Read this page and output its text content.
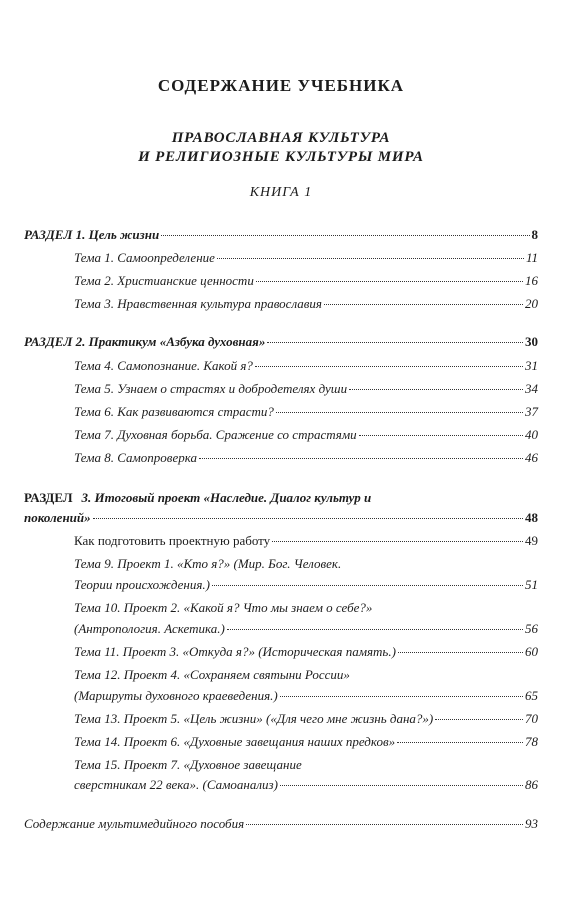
СОДЕРЖАНИЕ УЧЕБНИКА
ПРАВОСЛАВНАЯ КУЛЬТУРА
И РЕЛИГИОЗНЫЕ КУЛЬТУРЫ МИРА
КНИГА 1
РАЗДЕЛ 1. Цель жизни	8
Тема 1. Самоопределение	11
Тема 2. Христианские ценности	16
Тема 3. Нравственная культура православия	20
РАЗДЕЛ 2. Практикум «Азбука духовная»	30
Тема 4. Самопознание. Какой я?	31
Тема 5. Узнаем о страстях и добродетелях души	34
Тема 6. Как развиваются страсти?	37
Тема 7. Духовная борьба. Сражение со страстями	40
Тема 8. Самопроверка	46
РАЗДЕЛ 3. Итоговый проект «Наследие. Диалог культур и
поколений»	48
Как подготовить проектную работу	49
Тема 9. Проект 1. «Кто я?» (Мир. Бог. Человек.
Теории происхождения.)	51
Тема 10. Проект 2. «Какой я? Что мы знаем о себе?»
(Антропология. Аскетика.)	56
Тема 11. Проект 3. «Откуда я?» (Историческая память.)	60
Тема 12. Проект 4. «Сохраняем святыни России»
(Маршруты духовного краеведения.)	65
Тема 13. Проект 5. «Цель жизни» («Для чего мне жизнь дана?»)	70
Тема 14. Проект 6. «Духовные завещания наших предков»	78
Тема 15. Проект 7. «Духовное завещание
сверстникам 22 века». (Самоанализ)	86
Содержание мультимедийного пособия	93
